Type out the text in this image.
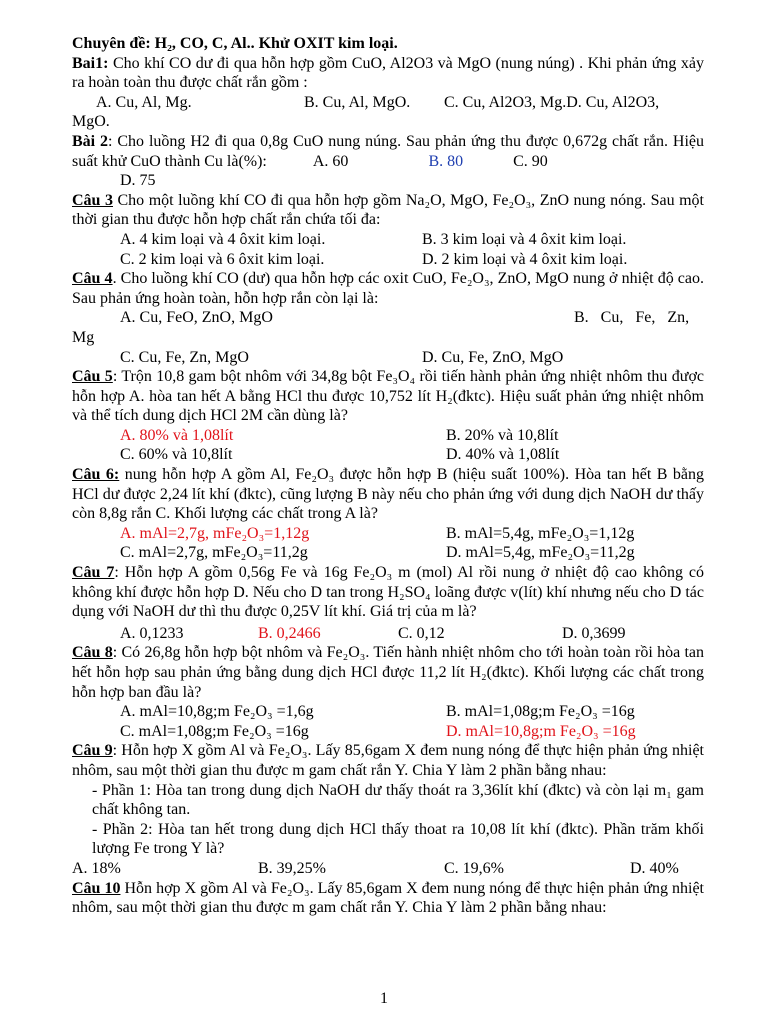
Chuyên đề: H₂, CO, C, Al.. Khử OXIT kim loại.

Bai1: Cho khí CO dư đi qua hỗn hợp gồm CuO, Al2O3 và MgO (nung núng) . Khi phản ứng xảy ra hoàn toàn thu được chất rắn gồm :

A. Cu, Al, Mg.	B. Cu, Al, MgO.	C. Cu, Al2O3, Mg.D. Cu, Al2O3,

MgO.

Bài 2: Cho luồng H2 đi qua 0,8g CuO nung núng. Sau phản ứng thu được 0,672g chất rắn. Hiệu suất khử CuO thành Cu là(%):	A. 60	B. 80	C. 90

D. 75

Câu 3 Cho một luồng khí CO đi qua hỗn hợp gồm Na₂O, MgO, Fe₂O₃, ZnO nung nóng. Sau một thời gian thu được hỗn hợp chất rắn chứa tối đa:

A. 4 kim loại và 4 ôxit kim loại.	B. 3 kim loại và 4 ôxit kim loại.
C. 2 kim loại và 6 ôxit kim loại.	D. 2 kim loại và 4 ôxit kim loại.

Câu 4. Cho luồng khí CO (dư) qua hỗn hợp các oxit CuO, Fe₂O₃, ZnO, MgO nung ở nhiệt độ cao. Sau phản ứng hoàn toàn, hỗn hợp rắn còn lại là:

A. Cu, FeO, ZnO, MgO	B.   Cu,   Fe,   Zn,

Mg

C. Cu, Fe, Zn, MgO	D. Cu, Fe, ZnO, MgO

Câu 5: Trộn 10,8 gam bột nhôm với 34,8g bột Fe₃O₄ rồi tiến hành phản ứng nhiệt nhôm thu được hỗn hợp A. hòa tan hết A bằng HCl thu được 10,752 lít H₂(đktc). Hiệu suất phản ứng nhiệt nhôm và thể tích dung dịch HCl 2M cần dùng là?

A. 80% và 1,08lít	B. 20% và 10,8lít
C. 60% và 10,8lít	D. 40% và 1,08lít

Câu 6: nung hỗn hợp A gồm Al, Fe₂O₃ được hỗn hợp B (hiệu suất 100%). Hòa tan hết B bằng HCl dư được 2,24 lít khí (đktc), cũng lượng B này nếu cho phản ứng với dung dịch NaOH dư thấy còn 8,8g rắn C. Khối lượng các chất trong A là?

A. mAl=2,7g, mFe₂O₃=1,12g	B. mAl=5,4g, mFe₂O₃=1,12g
C. mAl=2,7g, mFe₂O₃=11,2g	D. mAl=5,4g, mFe₂O₃=11,2g

Câu 7: Hỗn hợp A gồm 0,56g Fe và 16g Fe₂O₃ m (mol) Al rồi nung ở nhiệt độ cao không có không khí được hỗn hợp D. Nếu cho D tan trong H₂SO₄ loãng được v(lít) khí nhưng nếu cho D tác dụng với NaOH dư thì thu được 0,25V lít khí. Giá trị của m là?

A. 0,1233	B. 0,2466	C. 0,12	D. 0,3699

Câu 8: Có 26,8g hỗn hợp bột nhôm và Fe₂O₃. Tiến hành nhiệt nhôm cho tới hoàn toàn rồi hòa tan hết hỗn hợp sau phản ứng bằng dung dịch HCl được 11,2 lít H₂(đktc). Khối lượng các chất trong hỗn hợp ban đầu là?

A. mAl=10,8g;m Fe₂O₃ =1,6g	B. mAl=1,08g;m Fe₂O₃ =16g
C. mAl=1,08g;m Fe₂O₃ =16g	D. mAl=10,8g;m Fe₂O₃ =16g

Câu 9: Hỗn hợp X gồm Al và Fe₂O₃. Lấy 85,6gam X đem nung nóng để thực hiện phản ứng nhiệt nhôm, sau một thời gian thu được m gam chất rắn Y. Chia Y làm 2 phần bằng nhau:

- Phần 1: Hòa tan trong dung dịch NaOH dư thấy thoát ra 3,36lít khí (đktc) và còn lại m₁ gam chất không tan.

- Phần 2: Hòa tan hết trong dung dịch HCl thấy thoat ra 10,08 lít khí (đktc). Phần trăm khối lượng Fe trong Y là?

A. 18%	B. 39,25%	C. 19,6%	D. 40%

Câu 10 Hỗn hợp X gồm Al và Fe₂O₃. Lấy 85,6gam X đem nung nóng để thực hiện phản ứng nhiệt nhôm, sau một thời gian thu được m gam chất rắn Y. Chia Y làm 2 phần bằng nhau:

1
